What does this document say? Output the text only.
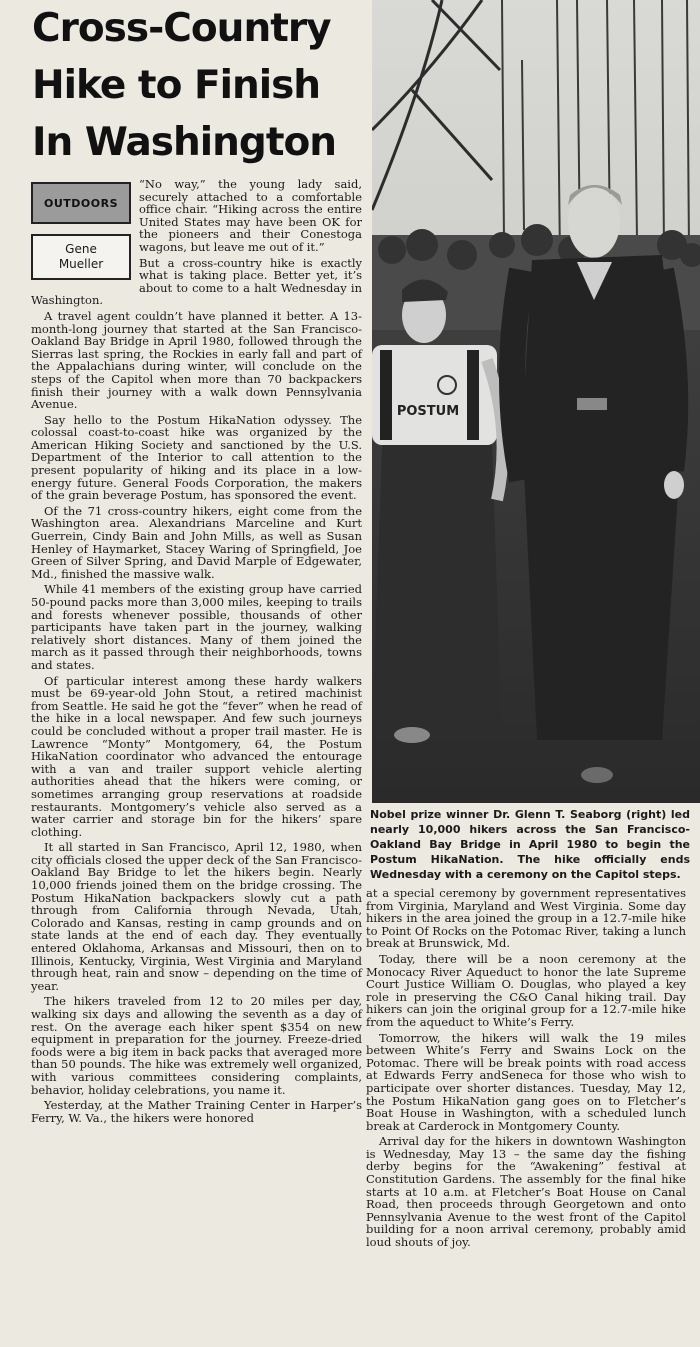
Cross-Country
Hike to Finish
In Washington
OUTDOORS
Gene
Mueller

“No way,” the young lady said, securely attached to a comfortable office chair. “Hiking across the entire United States may have been OK for the pioneers and their Conestoga wagons, but leave me out of it.”

But a cross-country hike is exactly what is taking place. Better yet, it’s about to come to a halt Wednesday in Washington.

A travel agent couldn’t have planned it better. A 13-month-long journey that started at the San Francisco-Oakland Bay Bridge in April 1980, followed through the Sierras last spring, the Rockies in early fall and part of the Appalachians during winter, will conclude on the steps of the Capitol when more than 70 backpackers finish their journey with a walk down Pennsylvania Avenue.

Say hello to the Postum HikaNation odyssey. The colossal coast-to-coast hike was organized by the American Hiking Society and sanctioned by the U.S. Department of the Interior to call attention to the present popularity of hiking and its place in a low-energy future. General Foods Corporation, the makers of the grain beverage Postum, has sponsored the event.

Of the 71 cross-country hikers, eight come from the Washington area. Alexandrians Marceline and Kurt Guerrein, Cindy Bain and John Mills, as well as Susan Henley of Haymarket, Stacey Waring of Springfield, Joe Green of Silver Spring, and David Marple of Edgewater, Md., finished the massive walk.

While 41 members of the existing group have carried 50-pound packs more than 3,000 miles, keeping to trails and forests whenever possible, thousands of other participants have taken part in the journey, walking relatively short distances. Many of them joined the march as it passed through their neighborhoods, towns and states.

Of particular interest among these hardy walkers must be 69-year-old John Stout, a retired machinist from Seattle. He said he got the “fever” when he read of the hike in a local newspaper. And few such journeys could be concluded without a proper trail master. He is Lawrence “Monty” Montgomery, 64, the Postum HikaNation coordinator who advanced the entourage with a van and trailer support vehicle alerting authorities ahead that the hikers were coming, or sometimes arranging group reservations at roadside restaurants. Montgomery’s vehicle also served as a water carrier and storage bin for the hikers’ spare clothing.

It all started in San Francisco, April 12, 1980, when city officials closed the upper deck of the San Francisco-Oakland Bay Bridge to let the hikers begin. Nearly 10,000 friends joined them on the bridge crossing. The Postum HikaNation backpackers slowly cut a path through from California through Nevada, Utah, Colorado and Kansas, resting in camp grounds and on state lands at the end of each day. They eventually entered Oklahoma, Arkansas and Missouri, then on to Illinois, Kentucky, Virginia, West Virginia and Maryland through heat, rain and snow – depending on the time of year.

The hikers traveled from 12 to 20 miles per day, walking six days and allowing the seventh as a day of rest. On the average each hiker spent $354 on new equipment in preparation for the journey. Freeze-dried foods were a big item in back packs that averaged more than 50 pounds. The hike was extremely well organized, with various committees considering complaints, behavior, holiday celebrations, you name it.

Yesterday, at the Mather Training Center in Harper’s Ferry, W. Va., the hikers were honored

POSTUM
Nobel prize winner Dr. Glenn T. Seaborg (right) led nearly 10,000 hikers across the San Francisco-Oakland Bay Bridge in April 1980 to begin the Postum HikaNation. The hike officially ends Wednesday with a ceremony on the Capitol steps.

at a special ceremony by government representatives from Virginia, Maryland and West Virginia. Some day hikers in the area joined the group in a 12.7-mile hike to Point Of Rocks on the Potomac River, taking a lunch break at Brunswick, Md.

Today, there will be a noon ceremony at the Monocacy River Aqueduct to honor the late Supreme Court Justice William O. Douglas, who played a key role in preserving the C&O Canal hiking trail. Day hikers can join the original group for a 12.7-mile hike from the aqueduct to White’s Ferry.

Tomorrow, the hikers will walk the 19 miles between White’s Ferry and Swains Lock on the Potomac. There will be break points with road access at Edwards Ferry andSeneca for those who wish to participate over shorter distances. Tuesday, May 12, the Postum HikaNation gang goes on to Fletcher’s Boat House in Washington, with a scheduled lunch break at Carderock in Montgomery County.

Arrival day for the hikers in downtown Washington is Wednesday, May 13 – the same day the fishing derby begins for the “Awakening” festival at Constitution Gardens. The assembly for the final hike starts at 10 a.m. at Fletcher’s Boat House on Canal Road, then proceeds through Georgetown and onto Pennsylvania Avenue to the west front of the Capitol building for a noon arrival ceremony, probably amid loud shouts of joy.
